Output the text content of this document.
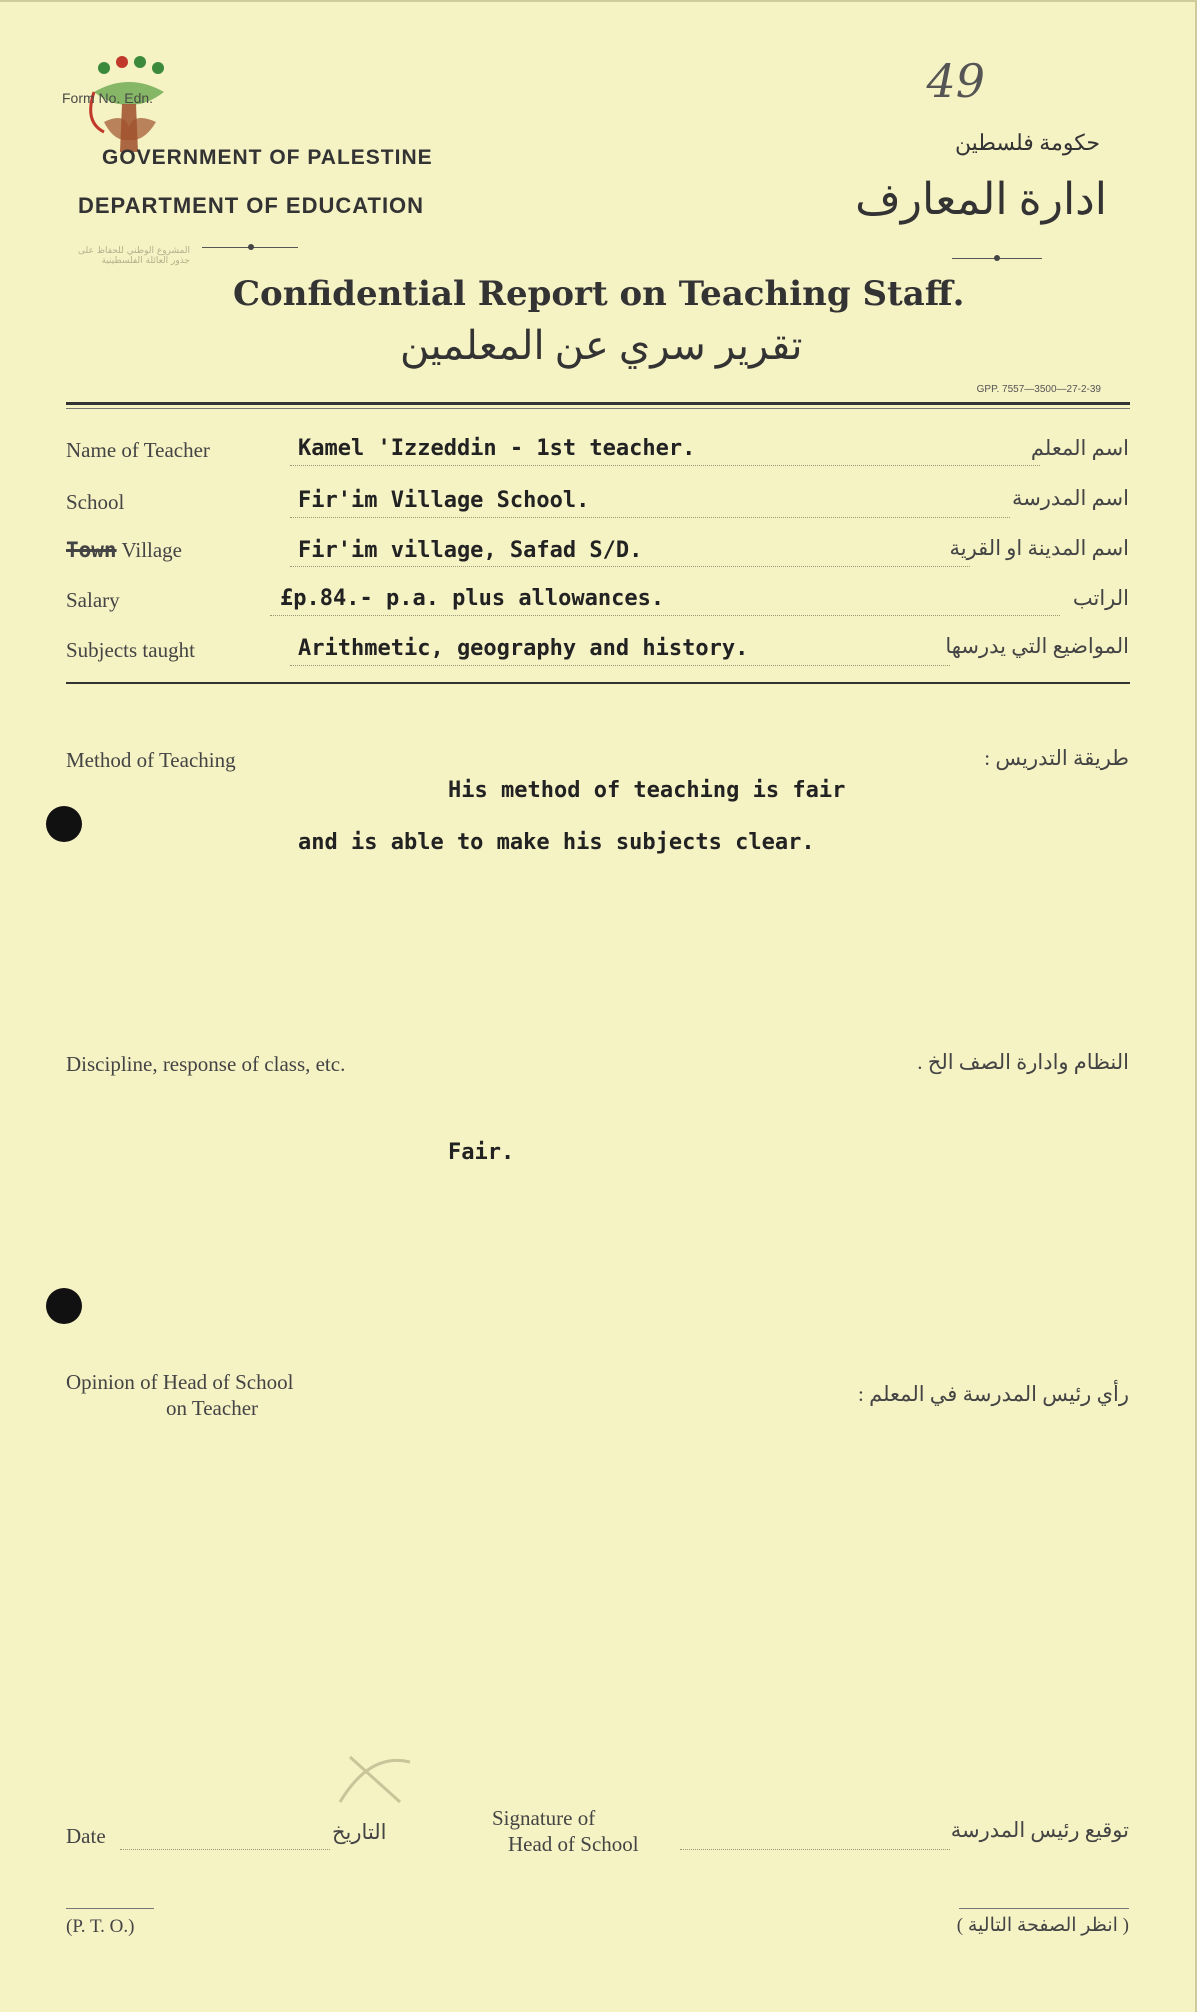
Form No. Edn.
المشروع الوطني للحفاظ على جذور العائلة الفلسطينية
GOVERNMENT OF PALESTINE
DEPARTMENT OF EDUCATION
49
حكومة فلسطين
ادارة المعارف
Confidential Report on Teaching Staff.
تقرير سري عن المعلمين
GPP. 7557—3500—27-2-39
Name of Teacher	Kamel 'Izzeddin - 1st teacher.	اسم المعلم
School	Fir'im Village School.	اسم المدرسة
Town Village	Fir'im village, Safad S/D.	اسم المدينة او القرية
Salary	£p.84.- p.a. plus allowances.	الراتب
Subjects taught	Arithmetic, geography and history.	المواضيع التي يدرسها
Method of Teaching	طريقة التدريس :
His method of teaching is fair
and is able to make his subjects clear.
Discipline, response of class, etc.	النظام وادارة الصف الخ .
Fair.
Opinion of Head of School
on Teacher
رأي رئيس المدرسة في المعلم :
Date	التاريخ
Signature of
Head of School
توقيع رئيس المدرسة
(P. T. O.)	( انظر الصفحة التالية )
